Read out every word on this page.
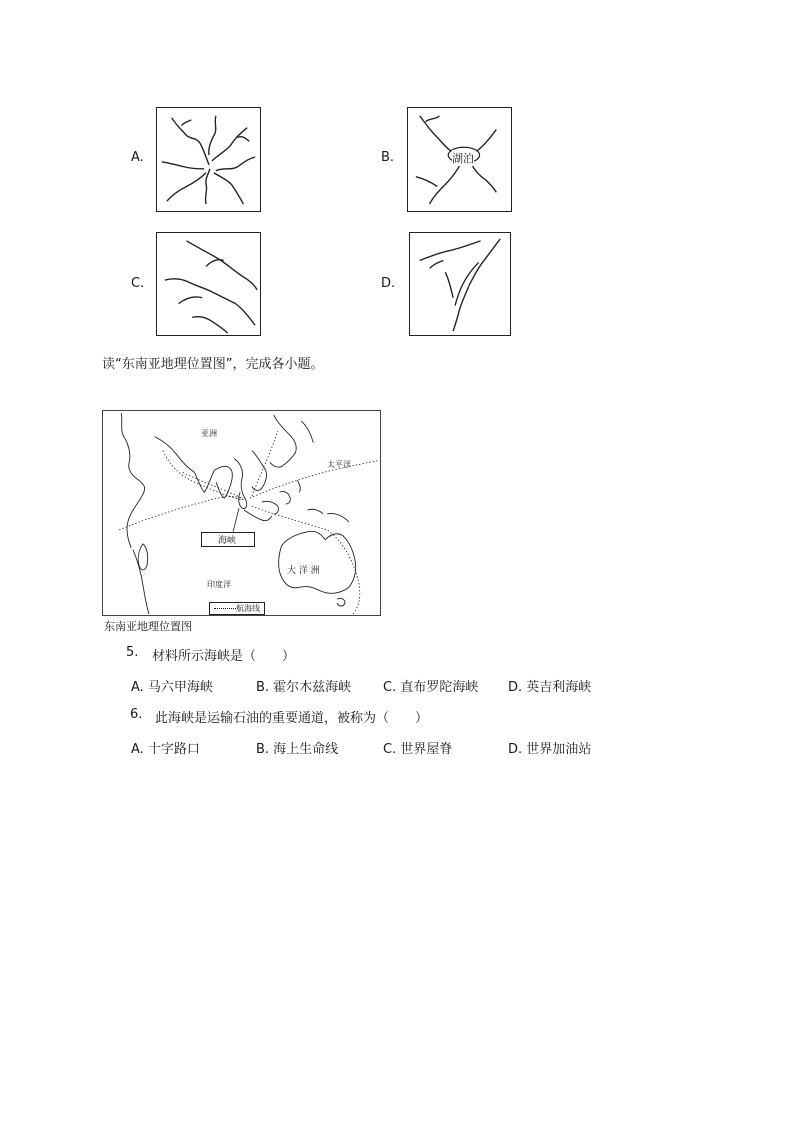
A.	B.	湖泊
C.	D.
读“东南亚地理位置图”，完成各小题。
亚洲
太平洋
海峡
大 洋 洲
印度洋
航海线
东南亚地理位置图
5. 材料所示海峡是（　　）
A. 马六甲海峡	B. 霍尔木兹海峡 C. 直布罗陀海峡 D. 英吉利海峡
6. 此海峡是运输石油的重要通道，被称为（　　）
A. 十字路口	B. 海上生命线	C. 世界屋脊	D. 世界加油站
